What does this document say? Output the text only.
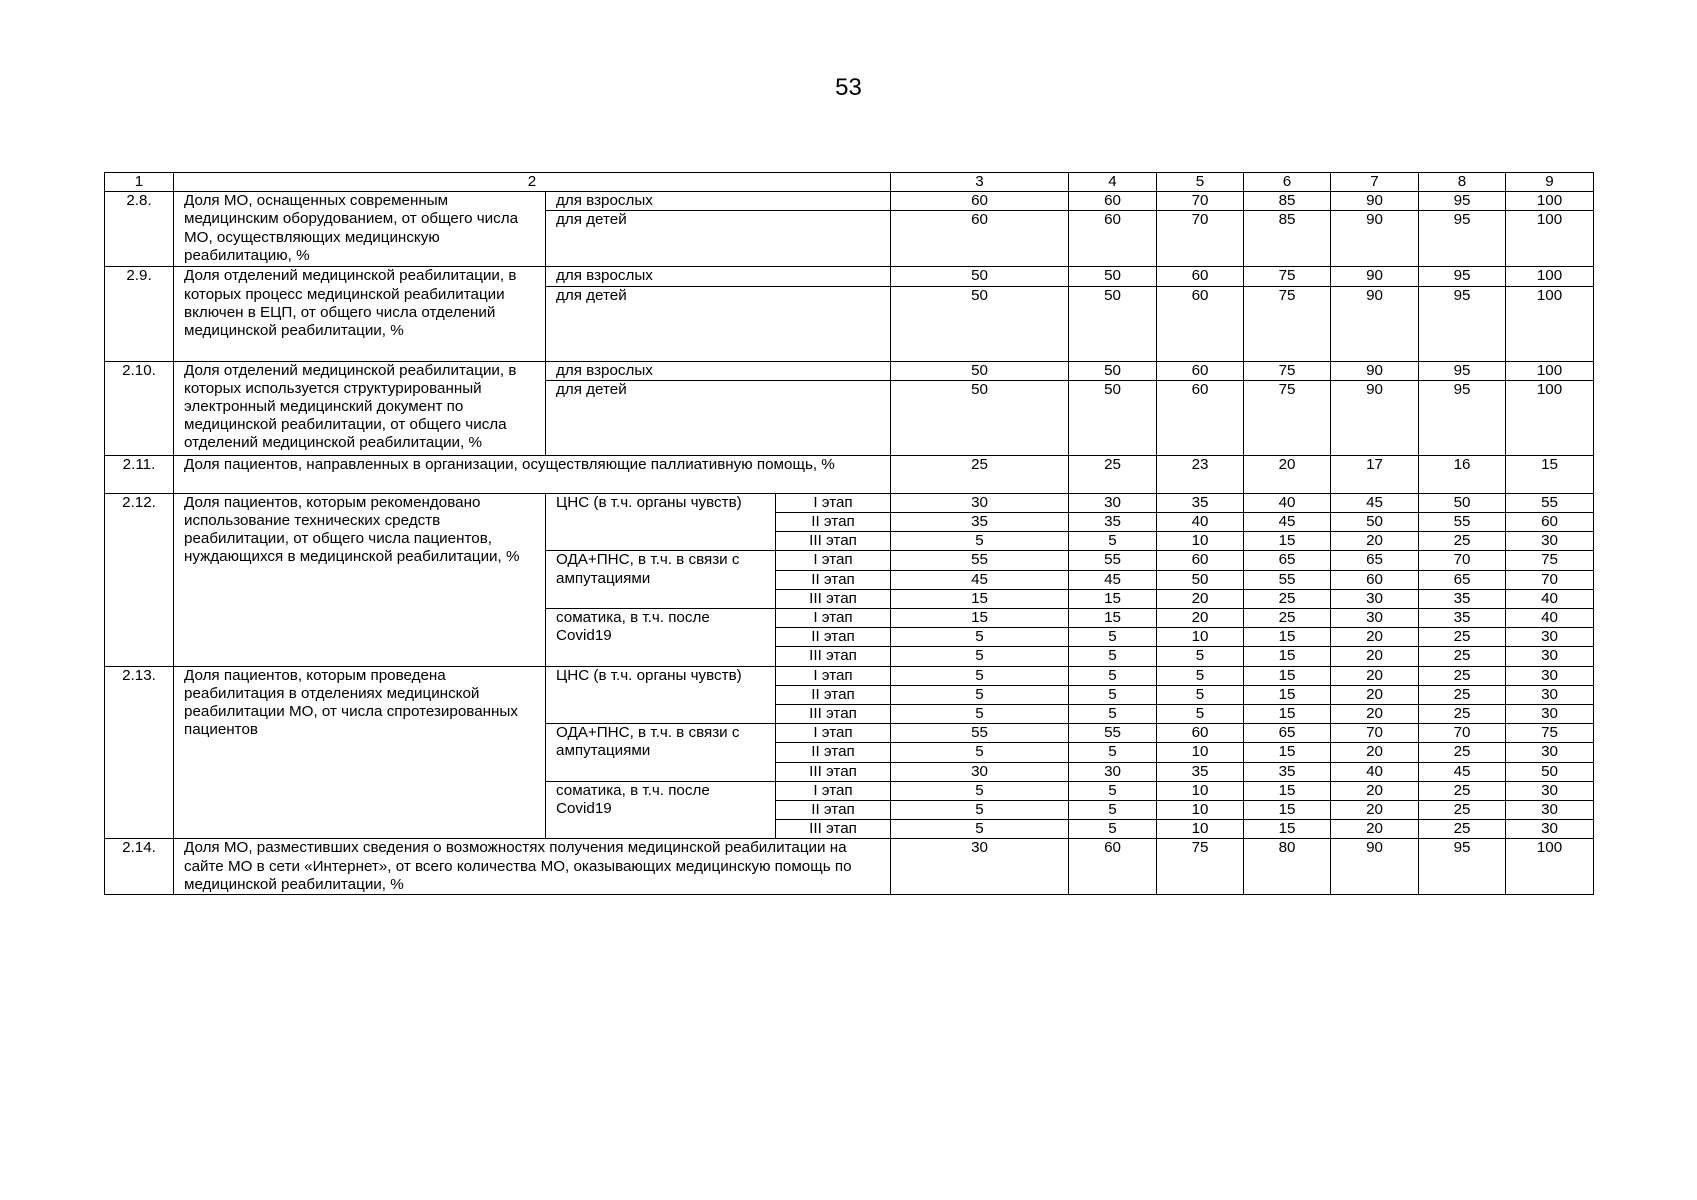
53
1	2			3	4	5	6	7	8	9
2.8.	Доля МО, оснащенных современным медицинским оборудованием, от общего числа МО, осуществляющих медицинскую реабилитацию, %	для взрослых		60	60	70	85	90	95	100
		для детей		60	60	70	85	90	95	100
2.9.	Доля отделений медицинской реабилитации, в которых процесс медицинской реабилитации включен в ЕЦП, от общего числа отделений медицинской реабилитации, %	для взрослых		50	50	60	75	90	95	100
		для детей		50	50	60	75	90	95	100
2.10.	Доля отделений медицинской реабилитации, в которых используется структурированный электронный медицинский документ по медицинской реабилитации, от общего числа отделений медицинской реабилитации, %	для взрослых		50	50	60	75	90	95	100
		для детей		50	50	60	75	90	95	100
2.11.	Доля пациентов, направленных в организации, осуществляющие паллиативную помощь, %			25	25	23	20	17	16	15
2.12.	Доля пациентов, которым рекомендовано использование технических средств реабилитации, от общего числа пациентов, нуждающихся в медицинской реабилитации, %	ЦНС (в т.ч. органы чувств)	I этап	30	30	35	40	45	50	55
			II этап	35	35	40	45	50	55	60
			III этап	5	5	10	15	20	25	30
		ОДА+ПНС, в т.ч. в связи с ампутациями	I этап	55	55	60	65	65	70	75
			II этап	45	45	50	55	60	65	70
			III этап	15	15	20	25	30	35	40
		соматика, в т.ч. после Covid19	I этап	15	15	20	25	30	35	40
			II этап	5	5	10	15	20	25	30
			III этап	5	5	5	15	20	25	30
2.13.	Доля пациентов, которым проведена реабилитация в отделениях медицинской реабилитации МО, от числа спротезированных пациентов	ЦНС (в т.ч. органы чувств)	I этап	5	5	5	15	20	25	30
			II этап	5	5	5	15	20	25	30
			III этап	5	5	5	15	20	25	30
		ОДА+ПНС, в т.ч. в связи с ампутациями	I этап	55	55	60	65	70	70	75
			II этап	5	5	10	15	20	25	30
			III этап	30	30	35	35	40	45	50
		соматика, в т.ч. после Covid19	I этап	5	5	10	15	20	25	30
			II этап	5	5	10	15	20	25	30
			III этап	5	5	10	15	20	25	30
2.14.	Доля МО, разместивших сведения о возможностях получения медицинской реабилитации на сайте МО в сети «Интернет», от всего количества МО, оказывающих медицинскую помощь по медицинской реабилитации, %			30	60	75	80	90	95	100
